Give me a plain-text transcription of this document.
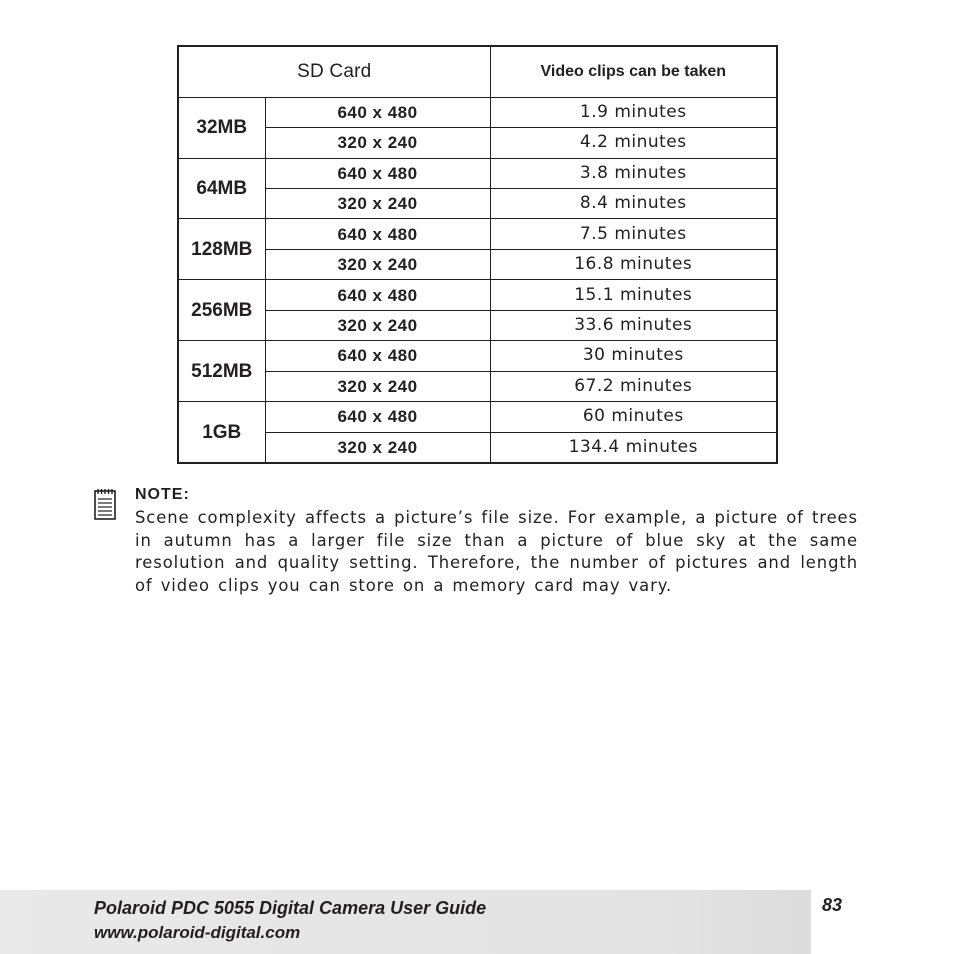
SD Card		Video clips can be taken
32MB	640 x 480	1.9 minutes
	320 x 240	4.2 minutes
64MB	640 x 480	3.8 minutes
	320 x 240	8.4 minutes
128MB	640 x 480	7.5 minutes
	320 x 240	16.8 minutes
256MB	640 x 480	15.1 minutes
	320 x 240	33.6 minutes
512MB	640 x 480	30 minutes
	320 x 240	67.2 minutes
1GB	640 x 480	60 minutes
	320 x 240	134.4 minutes
NOTE:
Scene complexity affects a picture’s file size. For example, a picture of trees in autumn has a larger file size than a picture of blue sky at the same resolution and quality setting. Therefore, the number of pictures and length of video clips you can store on a memory card may vary.
Polaroid PDC 5055 Digital Camera User Guide
www.polaroid-digital.com
83
